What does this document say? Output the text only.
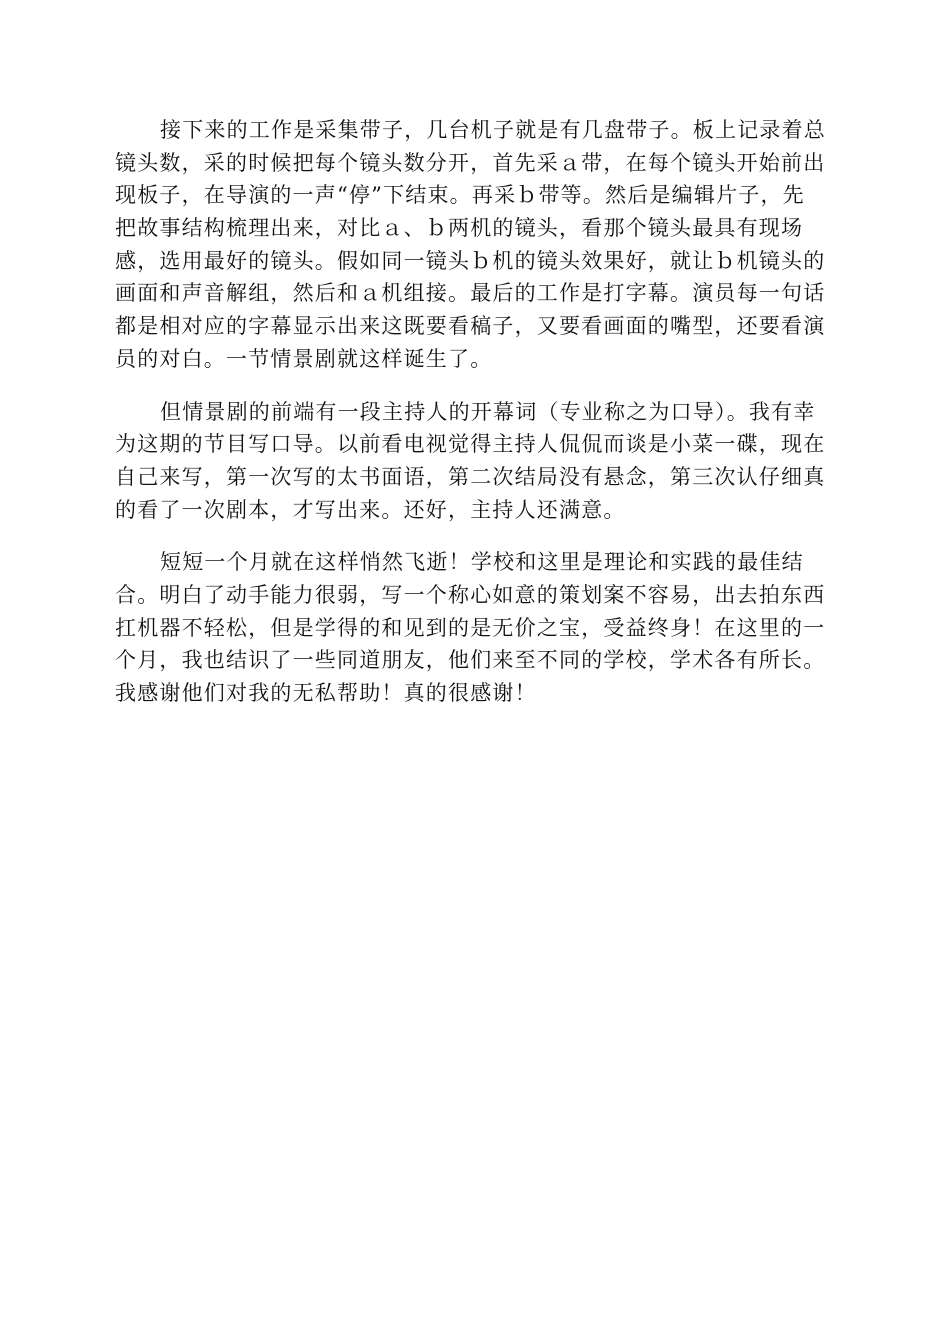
接下来的工作是采集带子，几台机子就是有几盘带子。板上记录着总
镜头数，采的时候把每个镜头数分开，首先采ａ带，在每个镜头开始前出
现板子，在导演的一声“停”下结束。再采ｂ带等。然后是编辑片子，先
把故事结构梳理出来，对比ａ、ｂ两机的镜头，看那个镜头最具有现场
感，选用最好的镜头。假如同一镜头ｂ机的镜头效果好，就让ｂ机镜头的
画面和声音解组，然后和ａ机组接。最后的工作是打字幕。演员每一句话
都是相对应的字幕显示出来这既要看稿子，又要看画面的嘴型，还要看演
员的对白。一节情景剧就这样诞生了。

但情景剧的前端有一段主持人的开幕词（专业称之为口导）。我有幸
为这期的节目写口导。以前看电视觉得主持人侃侃而谈是小菜一碟，现在
自己来写，第一次写的太书面语，第二次结局没有悬念，第三次认仔细真
的看了一次剧本，才写出来。还好，主持人还满意。

短短一个月就在这样悄然飞逝！学校和这里是理论和实践的最佳结
合。明白了动手能力很弱，写一个称心如意的策划案不容易，出去拍东西
扛机器不轻松，但是学得的和见到的是无价之宝，受益终身！在这里的一
个月，我也结识了一些同道朋友，他们来至不同的学校，学术各有所长。
我感谢他们对我的无私帮助！真的很感谢！
